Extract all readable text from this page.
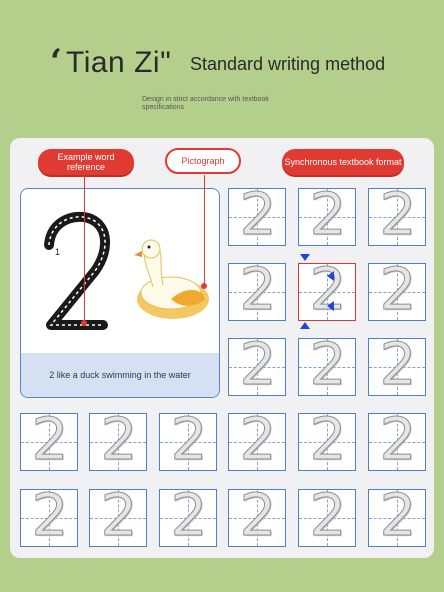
‘ Tian Zi" Standard writing method
Design in strict accordance with textbook specifications
Example word reference
Pictograph	Synchronous textbook format
1
2 like a duck swimming in the water
2 2 2
2 2 2
2 2 2
2 2 2 2 2 2
2 2 2 2 2 2
